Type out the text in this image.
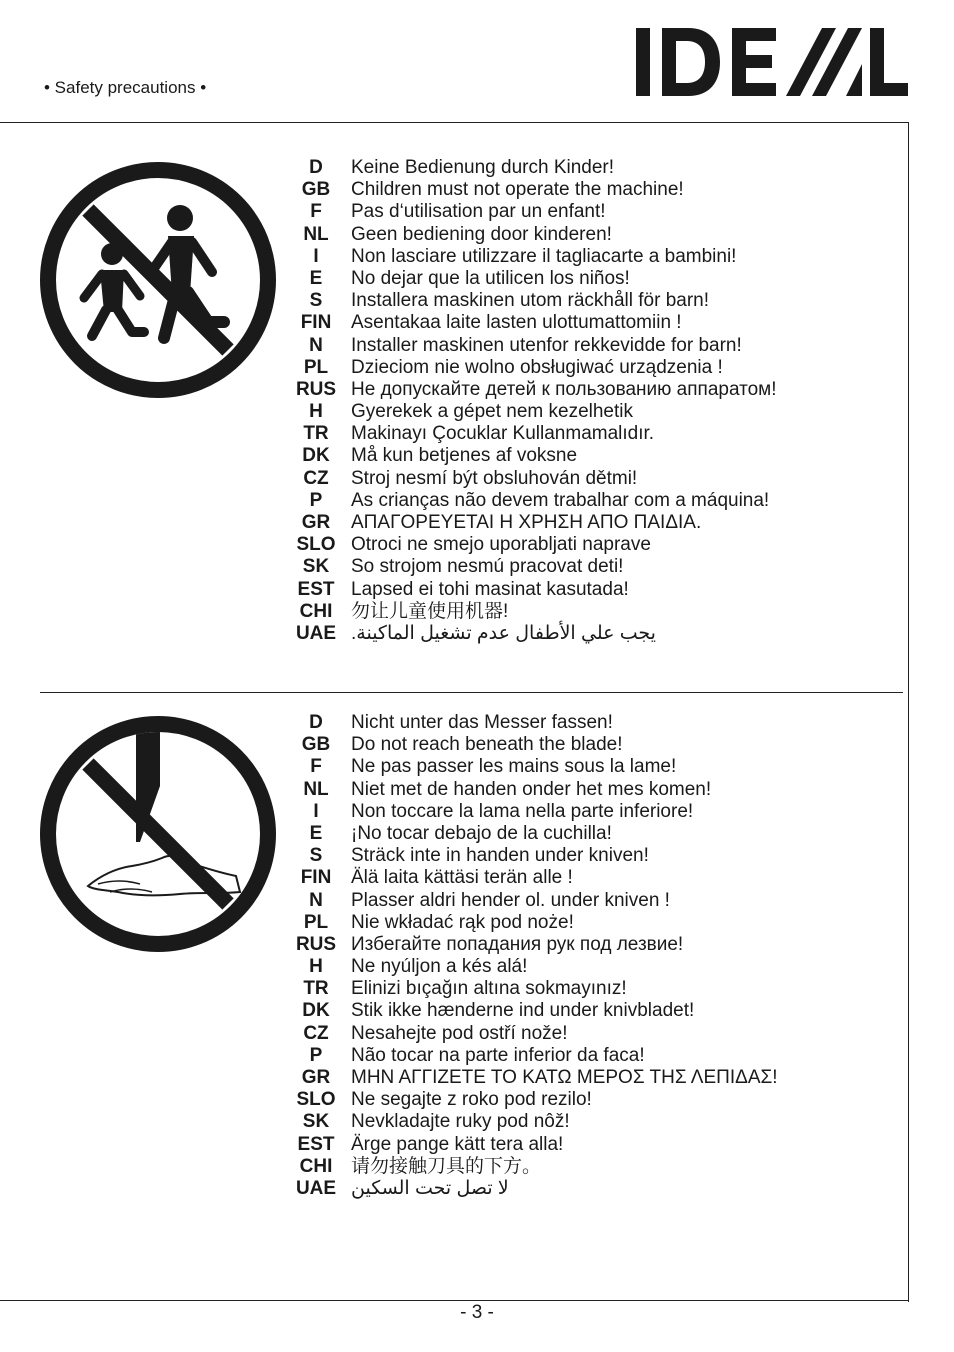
• Safety precautions •
D	Keine Bedienung durch Kinder!
GB	Children must not operate the machine!
F	Pas d‘utilisation par un enfant!
NL	Geen bediening door kinderen!
I	Non lasciare utilizzare il tagliacarte a bambini!
E	No dejar que la utilicen los niños!
S	Installera maskinen utom räckhåll för barn!
FIN	Asentakaa laite lasten ulottumattomiin !
N	Installer maskinen utenfor rekkevidde for barn!
PL	Dzieciom nie wolno obsługiwać urządzenia !
RUS Не допускайте детей к пользованию аппаратом!
H	Gyerekek a gépet nem kezelhetik
TR	Makinayı Çocuklar Kullanmamalıdır.
DK	Må kun betjenes af voksne
CZ	Stroj nesmí být obsluhován dětmi!
P	As crianças não devem trabalhar com a máquina!
GR	ΑΠΑΓΟΡΕΥΕΤΑΙ Η ΧΡΗΣΗ ΑΠΟ ΠΑΙΔΙΑ.
SLO Otroci ne smejo uporabljati naprave
SK	So strojom nesmú pracovat deti!
EST Lapsed ei tohi masinat kasutada!
CHI 勿让儿童使用机器!
UAE يجب علي الأطفال عدم تشغيل الماكينة.
D	Nicht unter das Messer fassen!
GB	Do not reach beneath the blade!
F	Ne pas passer les mains sous la lame!
NL	Niet met de handen onder het mes komen!
I	Non toccare la lama nella parte inferiore!
E	¡No tocar debajo de la cuchilla!
S	Sträck inte in handen under kniven!
FIN	Älä laita kättäsi terän alle !
N	Plasser aldri hender ol. under kniven !
PL	Nie wkładać rąk pod noże!
RUS Избегайте попадания рук под лезвие!
H	Ne nyúljon a kés alá!
TR	Elinizi bıçağın altına sokmayınız!
DK	Stik ikke hænderne ind under knivbladet!
CZ	Nesahejte pod ostří nože!
P	Não tocar na parte inferior da faca!
GR	ΜΗΝ ΑΓΓΙΖΕΤΕ ΤΟ ΚΑΤΩ ΜΕΡΟΣ ΤΗΣ ΛΕΠΙΔΑΣ!
SLO Ne segajte z roko pod rezilo!
SK	Nevkladajte ruky pod nôž!
EST Ärge pange kätt tera alla!
CHI 请勿接触刀具的下方。
UAE لا تصل تحت السكين
- 3 -
